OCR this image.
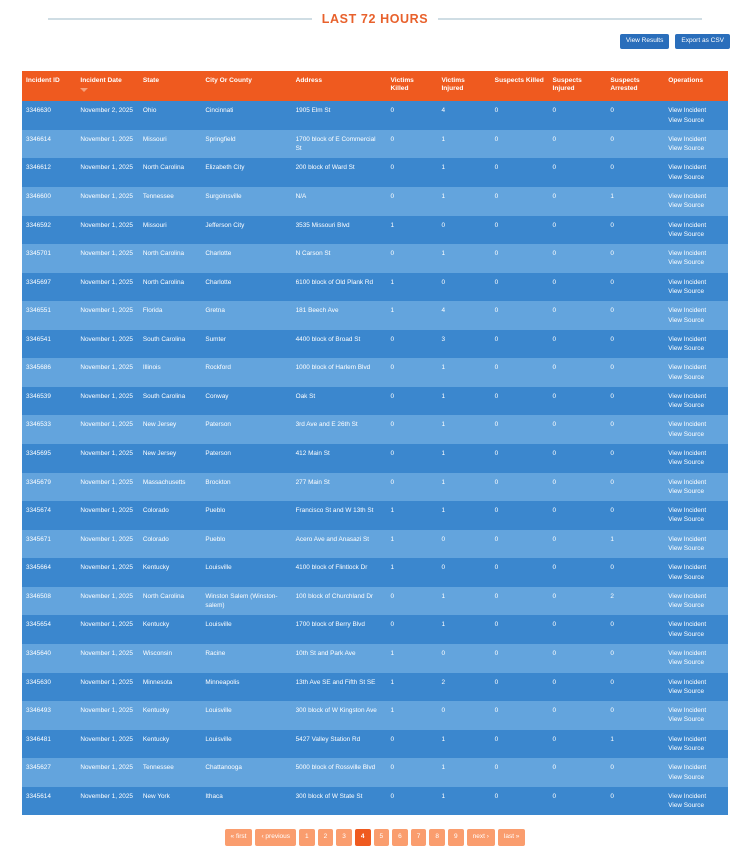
LAST 72 HOURS
View Results	Export as CSV
Incident ID	Incident Date	State	City Or County	Address	Victims Killed	Victims Injured	Suspects Killed	Suspects Injured	Suspects Arrested	Operations
3346630	November 2, 2025	Ohio	Cincinnati	1905 Elm St	0	4	0	0	0	View Incident
View Source

3346614	November 1, 2025	Missouri	Springfield	1700 block of E Commercial St	0	1	0	0	0	View Incident
View Source

3346612	November 1, 2025	North Carolina	Elizabeth City	200 block of Ward St	0	1	0	0	0	View Incident
View Source

3346600	November 1, 2025	Tennessee	Surgoinsville	N/A	0	1	0	0	1	View Incident
View Source

3346592	November 1, 2025	Missouri	Jefferson City	3535 Missouri Blvd	1	0	0	0	0	View Incident
View Source

3345701	November 1, 2025	North Carolina	Charlotte	N Carson St	0	1	0	0	0	View Incident
View Source

3345697	November 1, 2025	North Carolina	Charlotte	6100 block of Old Plank Rd	1	0	0	0	0	View Incident
View Source

3346551	November 1, 2025	Florida	Gretna	181 Beech Ave	1	4	0	0	0	View Incident
View Source

3346541	November 1, 2025	South Carolina	Sumter	4400 block of Broad St	0	3	0	0	0	View Incident
View Source

3345686	November 1, 2025	Illinois	Rockford	1000 block of Harlem Blvd	0	1	0	0	0	View Incident
View Source

3346539	November 1, 2025	South Carolina	Conway	Oak St	0	1	0	0	0	View Incident
View Source

3346533	November 1, 2025	New Jersey	Paterson	3rd Ave and E 26th St	0	1	0	0	0	View Incident
View Source

3345695	November 1, 2025	New Jersey	Paterson	412 Main St	0	1	0	0	0	View Incident
View Source

3345679	November 1, 2025	Massachusetts	Brockton	277 Main St	0	1	0	0	0	View Incident
View Source

3345674	November 1, 2025	Colorado	Pueblo	Francisco St and W 13th St	1	1	0	0	0	View Incident
View Source

3345671	November 1, 2025	Colorado	Pueblo	Acero Ave and Anasazi St	1	0	0	0	1	View Incident
View Source

3345664	November 1, 2025	Kentucky	Louisville	4100 block of Flintlock Dr	1	0	0	0	0	View Incident
View Source

3346508	November 1, 2025	North Carolina	Winston Salem (Winston-salem)	100 block of Churchland Dr	0	1	0	0	2	View Incident
View Source

3345654	November 1, 2025	Kentucky	Louisville	1700 block of Berry Blvd	0	1	0	0	0	View Incident
View Source

3345640	November 1, 2025	Wisconsin	Racine	10th St and Park Ave	1	0	0	0	0	View Incident
View Source

3345630	November 1, 2025	Minnesota	Minneapolis	13th Ave SE and Fifth St SE	1	2	0	0	0	View Incident
View Source

3346493	November 1, 2025	Kentucky	Louisville	300 block of W Kingston Ave	1	0	0	0	0	View Incident
View Source

3346481	November 1, 2025	Kentucky	Louisville	5427 Valley Station Rd	0	1	0	0	1	View Incident
View Source

3345627	November 1, 2025	Tennessee	Chattanooga	5000 block of Rossville Blvd	0	1	0	0	0	View Incident
View Source

3345614	November 1, 2025	New York	Ithaca	300 block of W State St	0	1	0	0	0	View Incident
View Source
« first	‹ previous	1	2	3	4	5	6	7	8	9	next ›	last »
